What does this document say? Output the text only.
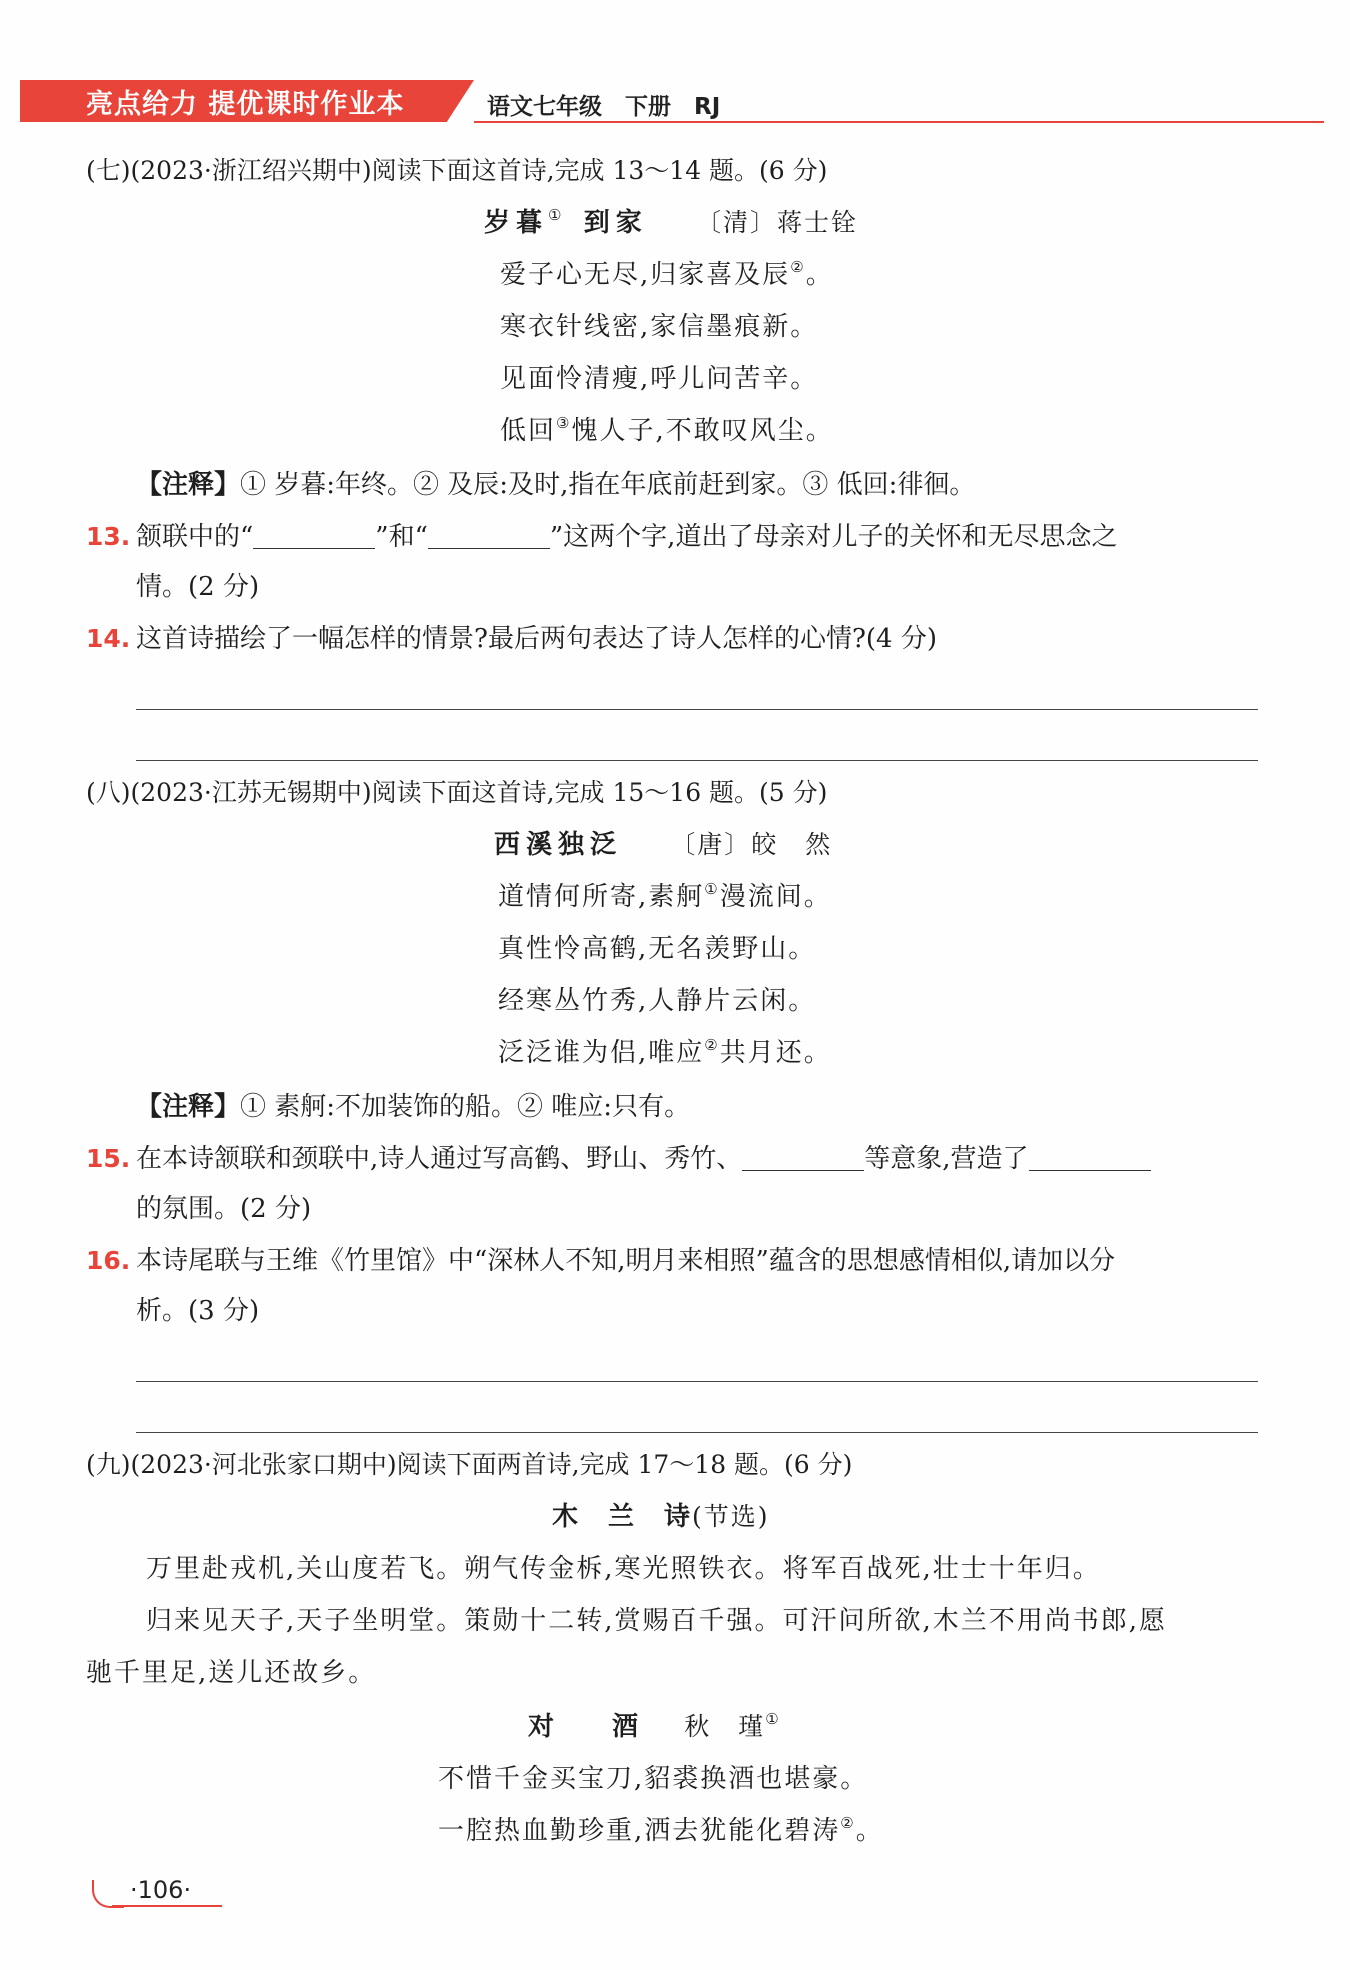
亮点给力 提优课时作业本	语文七年级　下册　RJ
(七)(2023·浙江绍兴期中)阅读下面这首诗,完成 13～14 题。(6 分)
岁暮① 到家 〔清〕蒋士铨
爱子心无尽,归家喜及辰②。
寒衣针线密,家信墨痕新。
见面怜清瘦,呼儿问苦辛。
低回③愧人子,不敢叹风尘。
【注释】① 岁暮:年终。② 及辰:及时,指在年底前赶到家。③ 低回:徘徊。
13. 颔联中的“	”和“	”这两个字,道出了母亲对儿子的关怀和无尽思念之
情。(2 分)
14. 这首诗描绘了一幅怎样的情景?最后两句表达了诗人怎样的心情?(4 分)
(八)(2023·江苏无锡期中)阅读下面这首诗,完成 15～16 题。(5 分)
西溪独泛 〔唐〕皎　然
道情何所寄,素舸①漫流间。
真性怜高鹤,无名羡野山。
经寒丛竹秀,人静片云闲。
泛泛谁为侣,唯应②共月还。
【注释】① 素舸:不加装饰的船。② 唯应:只有。
15. 在本诗颔联和颈联中,诗人通过写高鹤、野山、秀竹、	等意象,营造了
的氛围。(2 分)
16. 本诗尾联与王维《竹里馆》中“深林人不知,明月来相照”蕴含的思想感情相似,请加以分
析。(3 分)
(九)(2023·河北张家口期中)阅读下面两首诗,完成 17～18 题。(6 分)
木　兰　诗(节选)
万里赴戎机,关山度若飞。朔气传金柝,寒光照铁衣。将军百战死,壮士十年归。
归来见天子,天子坐明堂。策勋十二转,赏赐百千强。可汗问所欲,木兰不用尚书郎,愿
驰千里足,送儿还故乡。
对　　酒 秋　瑾①
不惜千金买宝刀,貂裘换酒也堪豪。
一腔热血勤珍重,洒去犹能化碧涛②。
·106·
